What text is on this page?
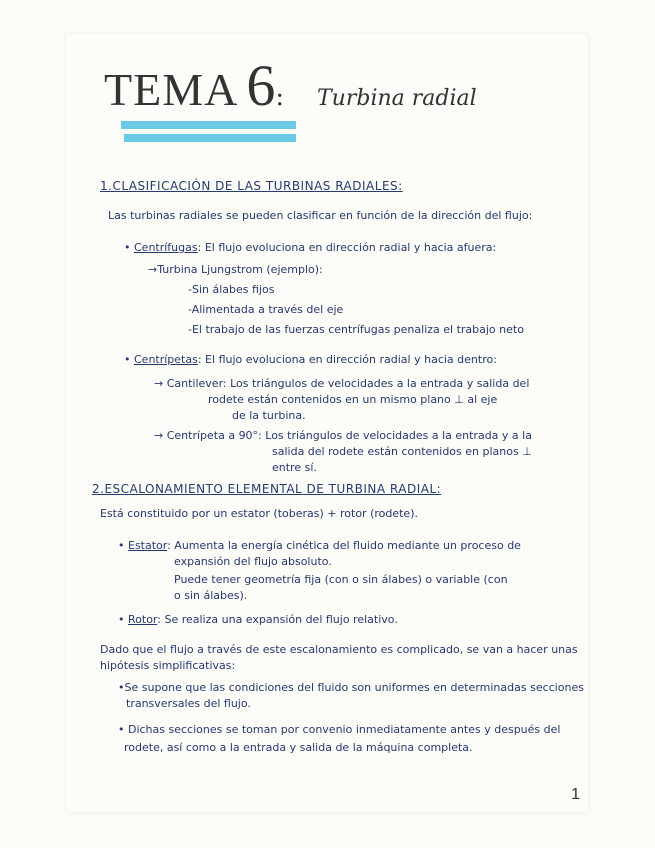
TEMA 6: Turbina radial
1.CLASIFICACIÓN DE LAS TURBINAS RADIALES:
Las turbinas radiales se pueden clasificar en función de la dirección del flujo:
• Centrífugas: El flujo evoluciona en dirección radial y hacia afuera:
→Turbina Ljungstrom (ejemplo):
-Sin álabes fijos
-Alimentada a través del eje
-El trabajo de las fuerzas centrífugas penaliza el trabajo neto
• Centrípetas: El flujo evoluciona en dirección radial y hacia dentro:
→ Cantilever: Los triángulos de velocidades a la entrada y salida del
rodete están contenidos en un mismo plano ⊥ al eje
de la turbina.
→ Centrípeta a 90°: Los triángulos de velocidades a la entrada y a la
salida del rodete están contenidos en planos ⊥
entre sí.
2.ESCALONAMIENTO ELEMENTAL DE TURBINA RADIAL:
Está constituido por un estator (toberas) + rotor (rodete).
• Estator: Aumenta la energía cinética del fluido mediante un proceso de
expansión del flujo absoluto.
Puede tener geometría fija (con o sin álabes) o variable (con
o sin álabes).
• Rotor: Se realiza una expansión del flujo relativo.
Dado que el flujo a través de este escalonamiento es complicado, se van a hacer unas
hipótesis simplificativas:
•Se supone que las condiciones del fluido son uniformes en determinadas secciones
transversales del flujo.
• Dichas secciones se toman por convenio inmediatamente antes y después del
rodete, así como a la entrada y salida de la máquina completa.
1
